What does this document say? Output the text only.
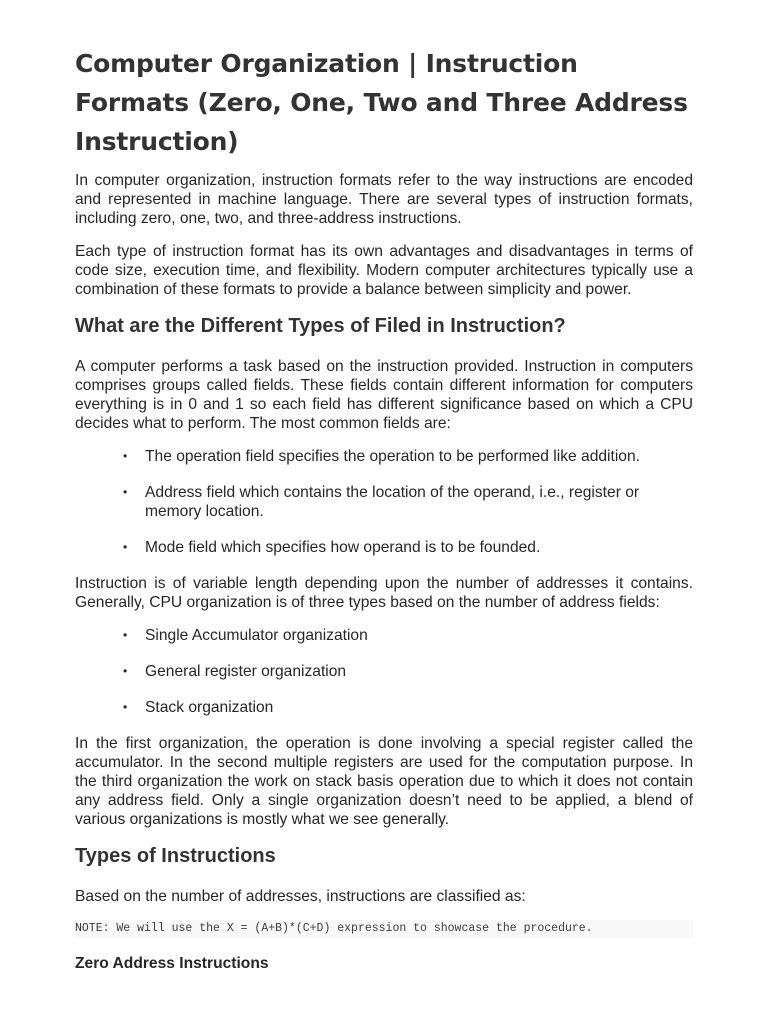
Computer Organization | Instruction Formats (Zero, One, Two and Three Address Instruction)

In computer organization, instruction formats refer to the way instructions are encoded and represented in machine language. There are several types of instruction formats, including zero, one, two, and three-address instructions.

Each type of instruction format has its own advantages and disadvantages in terms of code size, execution time, and flexibility. Modern computer architectures typically use a combination of these formats to provide a balance between simplicity and power.

What are the Different Types of Filed in Instruction?

A computer performs a task based on the instruction provided. Instruction in computers comprises groups called fields. These fields contain different information for computers everything is in 0 and 1 so each field has different significance based on which a CPU decides what to perform. The most common fields are:

• The operation field specifies the operation to be performed like addition.
• Address field which contains the location of the operand, i.e., register or memory location.
• Mode field which specifies how operand is to be founded.

Instruction is of variable length depending upon the number of addresses it contains. Generally, CPU organization is of three types based on the number of address fields:

• Single Accumulator organization
• General register organization
• Stack organization

In the first organization, the operation is done involving a special register called the accumulator. In the second multiple registers are used for the computation purpose. In the third organization the work on stack basis operation due to which it does not contain any address field. Only a single organization doesn’t need to be applied, a blend of various organizations is mostly what we see generally.

Types of Instructions

Based on the number of addresses, instructions are classified as:

NOTE: We will use the X = (A+B)*(C+D) expression to showcase the procedure.
Zero Address Instructions
